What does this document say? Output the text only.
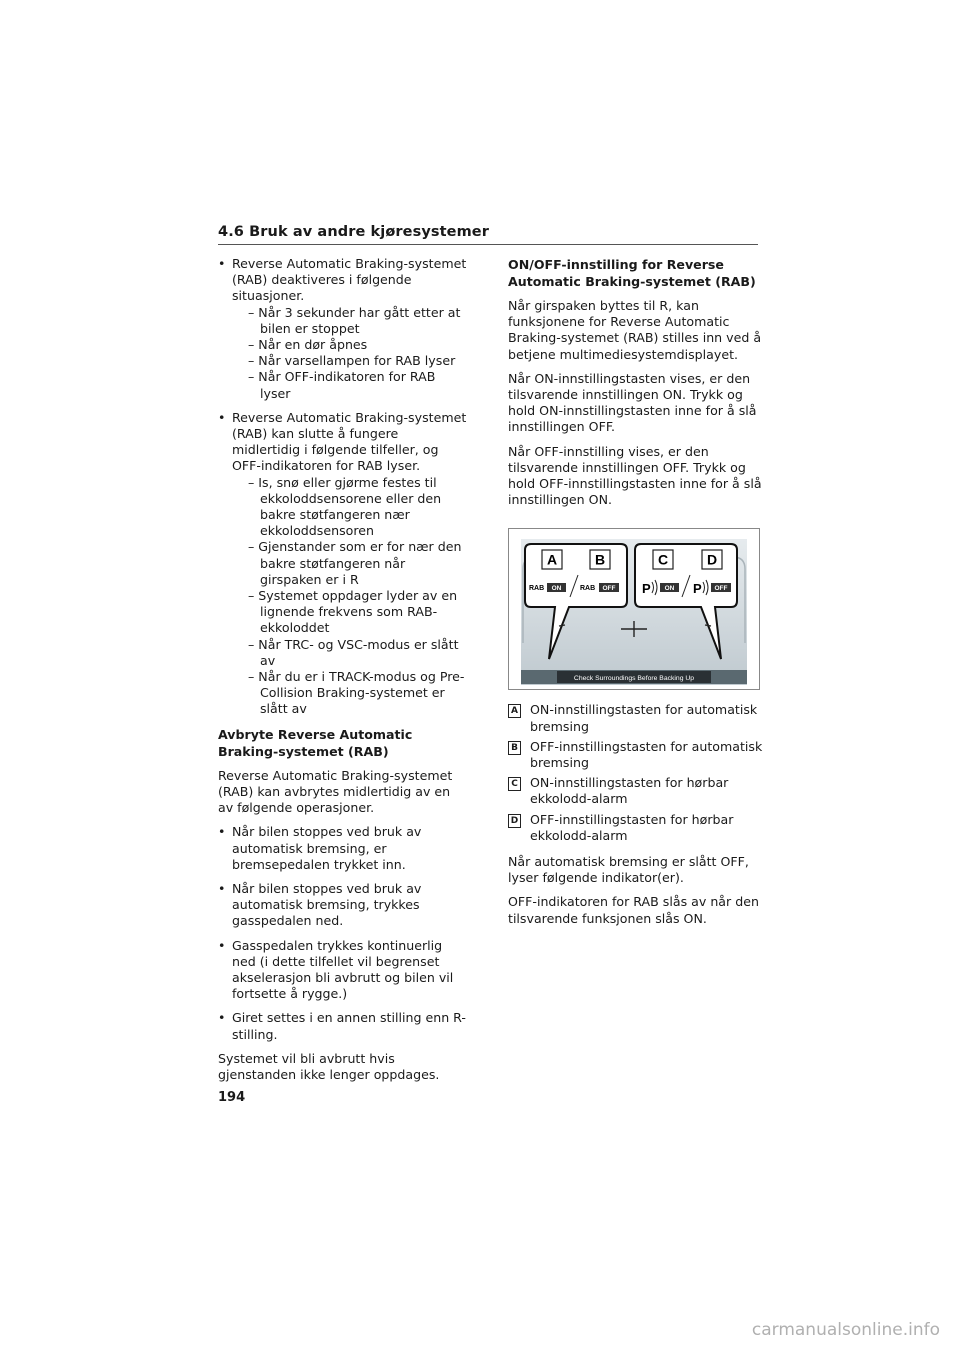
4.6 Bruk av andre kjøresystemer
• Reverse Automatic Braking-systemet (RAB) deaktiveres i følgende situasjoner.
– Når 3 sekunder har gått etter at bilen er stoppet
– Når en dør åpnes
– Når varsellampen for RAB lyser
– Når OFF-indikatoren for RAB lyser
• Reverse Automatic Braking-systemet (RAB) kan slutte å fungere midlertidig i følgende tilfeller, og OFF-indikatoren for RAB lyser.
– Is, snø eller gjørme festes til ekkoloddsensorene eller den bakre støtfangeren nær ekkoloddsensoren
– Gjenstander som er for nær den bakre støtfangeren når girspaken er i R
– Systemet oppdager lyder av en lignende frekvens som RAB-ekkoloddet
– Når TRC- og VSC-modus er slått av
– Når du er i TRACK-modus og Pre-Collision Braking-systemet er slått av
Avbryte Reverse Automatic Braking-systemet (RAB)

Reverse Automatic Braking-systemet (RAB) kan avbrytes midlertidig av en av følgende operasjoner.

• Når bilen stoppes ved bruk av automatisk bremsing, er bremsepedalen trykket inn.
• Når bilen stoppes ved bruk av automatisk bremsing, trykkes gasspedalen ned.
• Gasspedalen trykkes kontinuerlig ned (i dette tilfellet vil begrenset akselerasjon bli avbrutt og bilen vil fortsette å rygge.)
• Giret settes i en annen stilling enn R-stilling.

Systemet vil bli avbrutt hvis gjenstanden ikke lenger oppdages.

ON/OFF-innstilling for Reverse Automatic Braking-systemet (RAB)

Når girspaken byttes til R, kan funksjonene for Reverse Automatic Braking-systemet (RAB) stilles inn ved å betjene multimediesystemdisplayet.

Når ON-innstillingstasten vises, er den tilsvarende innstillingen ON. Trykk og hold ON-innstillingstasten inne for å slå innstillingen OFF.

Når OFF-innstilling vises, er den tilsvarende innstillingen OFF. Trykk og hold OFF-innstillingstasten inne for å slå innstillingen ON.

A	B	C	D
RAB ON	RAB OFF P ON P OFF
Check Surroundings Before Backing Up
A ON-innstillingstasten for automatisk bremsing
B OFF-innstillingstasten for automatisk bremsing
C ON-innstillingstasten for hørbar ekkolodd-alarm
D OFF-innstillingstasten for hørbar ekkolodd-alarm

Når automatisk bremsing er slått OFF, lyser følgende indikator(er).

OFF-indikatoren for RAB slås av når den tilsvarende funksjonen slås ON.

194
carmanualsonline.info
